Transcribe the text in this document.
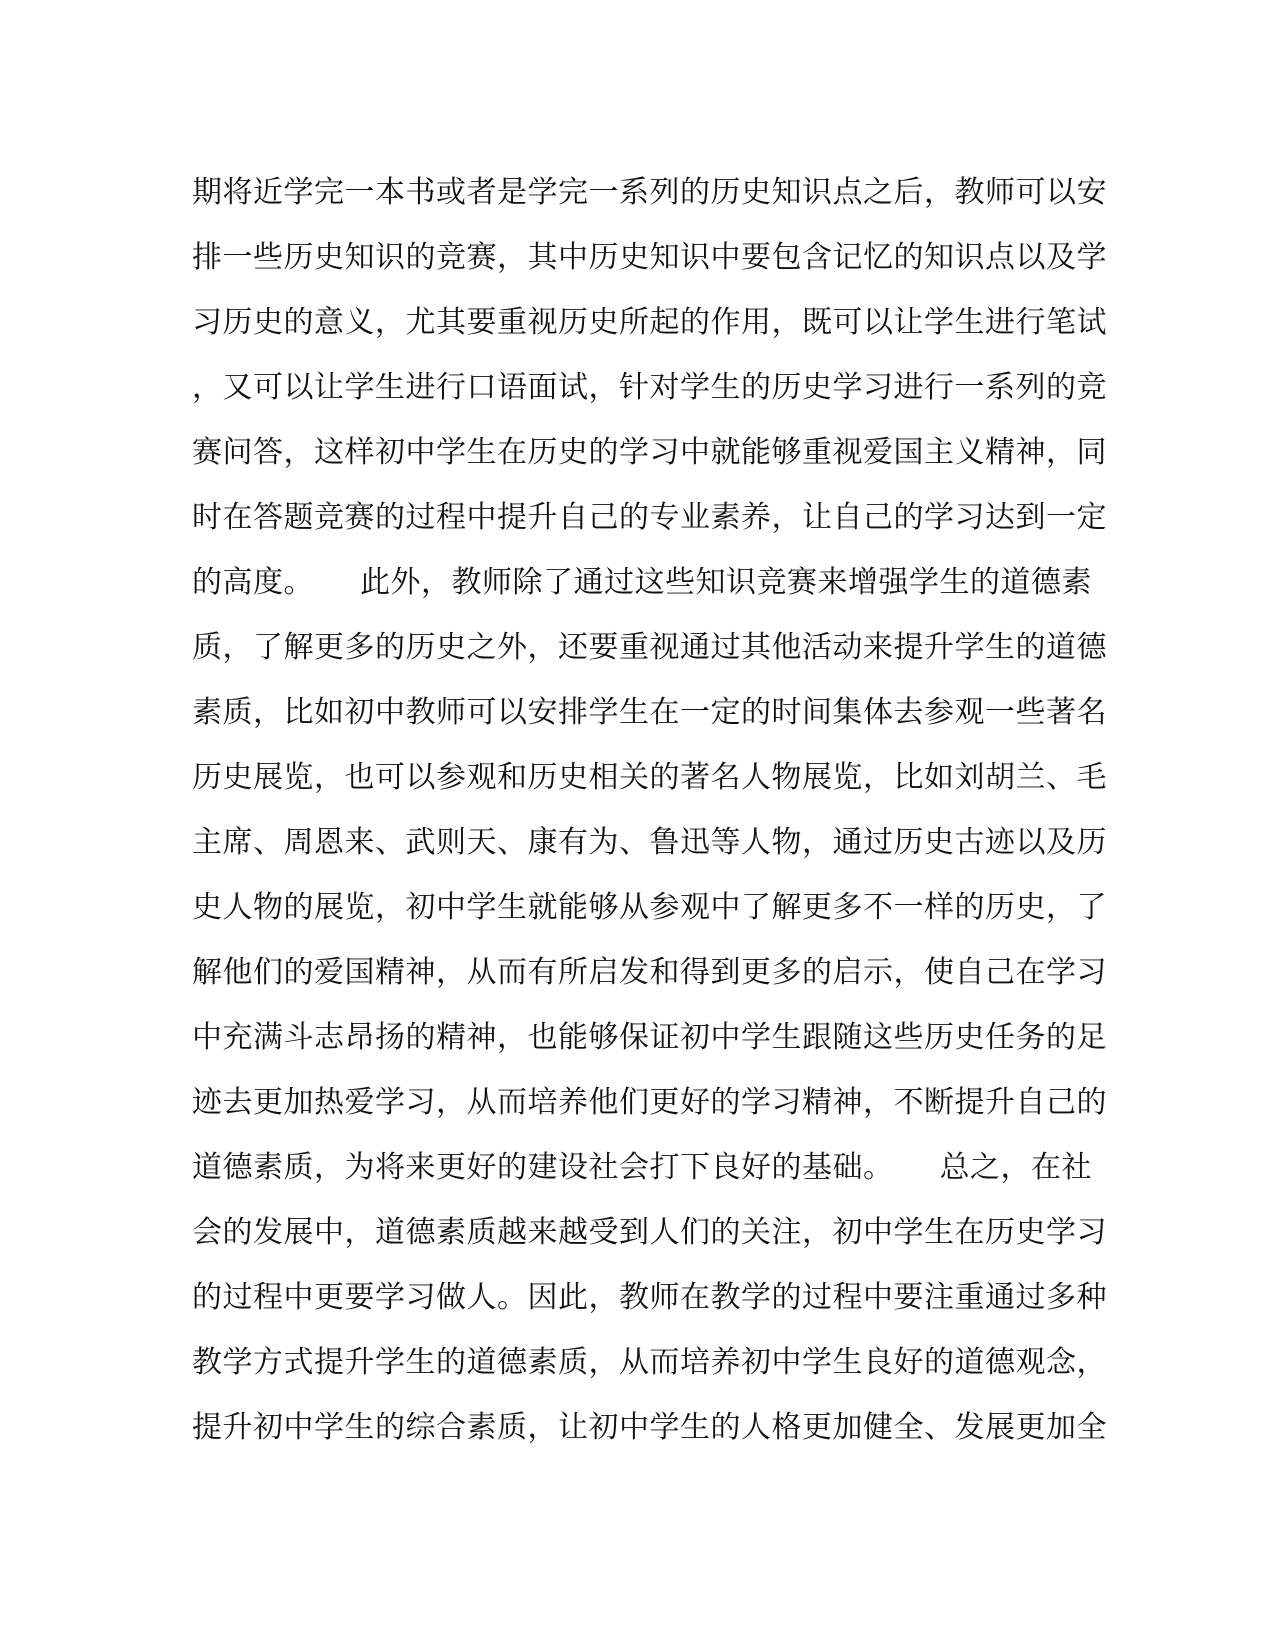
期将近学完一本书或者是学完一系列的历史知识点之后，教师可以安
排一些历史知识的竞赛，其中历史知识中要包含记忆的知识点以及学
习历史的意义，尤其要重视历史所起的作用，既可以让学生进行笔试
，又可以让学生进行口语面试，针对学生的历史学习进行一系列的竞
赛问答，这样初中学生在历史的学习中就能够重视爱国主义精神，同
时在答题竞赛的过程中提升自己的专业素养，让自己的学习达到一定
的高度。　　此外，教师除了通过这些知识竞赛来增强学生的道德素
质，了解更多的历史之外，还要重视通过其他活动来提升学生的道德
素质，比如初中教师可以安排学生在一定的时间集体去参观一些著名
历史展览，也可以参观和历史相关的著名人物展览，比如刘胡兰、毛
主席、周恩来、武则天、康有为、鲁迅等人物，通过历史古迹以及历
史人物的展览，初中学生就能够从参观中了解更多不一样的历史，了
解他们的爱国精神，从而有所启发和得到更多的启示，使自己在学习
中充满斗志昂扬的精神，也能够保证初中学生跟随这些历史任务的足
迹去更加热爱学习，从而培养他们更好的学习精神，不断提升自己的
道德素质，为将来更好的建设社会打下良好的基础。　　总之，在社
会的发展中，道德素质越来越受到人们的关注，初中学生在历史学习
的过程中更要学习做人。因此，教师在教学的过程中要注重通过多种
教学方式提升学生的道德素质，从而培养初中学生良好的道德观念，
提升初中学生的综合素质，让初中学生的人格更加健全、发展更加全
